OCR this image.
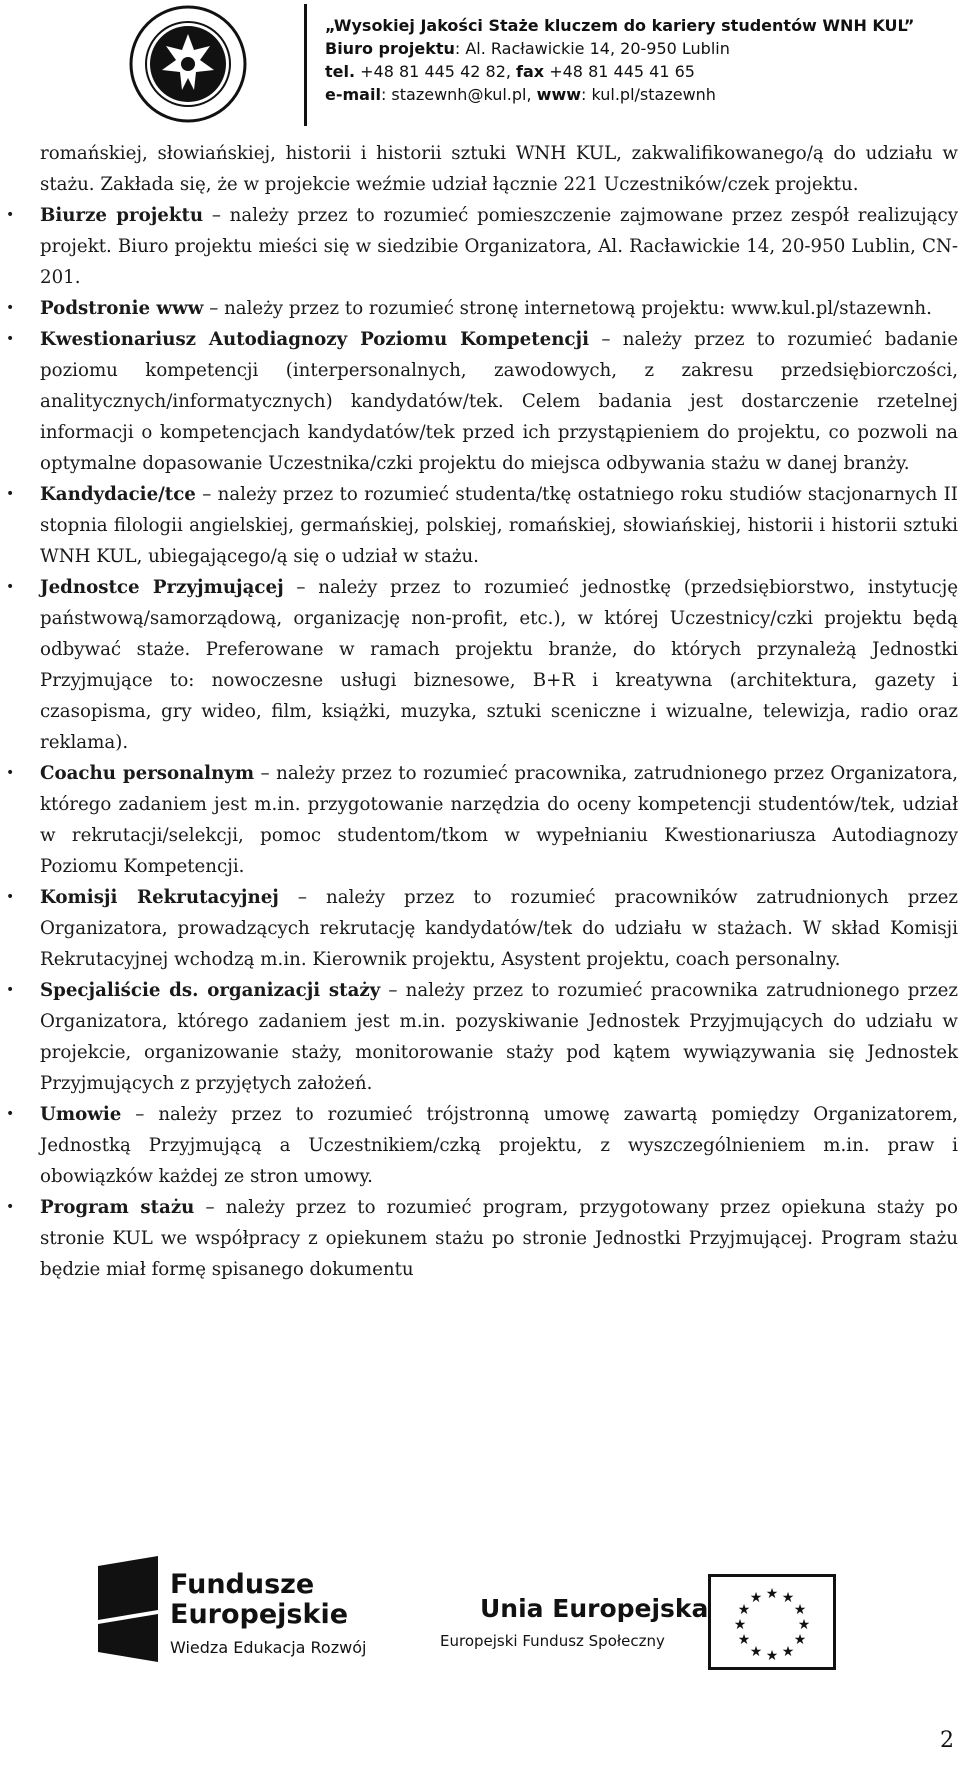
„Wysokiej Jakości Staże kluczem do kariery studentów WNH KUL”
Biuro projektu: Al. Racławickie 14, 20-950 Lublin
tel. +48 81 445 42 82, fax +48 81 445 41 65
e-mail: stazewnh@kul.pl, www: kul.pl/stazewnh

romańskiej, słowiańskiej, historii i historii sztuki WNH KUL, zakwalifikowanego/ą do udziału w stażu. Zakłada się, że w projekcie weźmie udział łącznie 221 Uczestników/czek projektu.

• Biurze projektu – należy przez to rozumieć pomieszczenie zajmowane przez zespół realizujący projekt. Biuro projektu mieści się w siedzibie Organizatora, Al. Racławickie 14, 20-950 Lublin, CN-201.
• Podstronie www – należy przez to rozumieć stronę internetową projektu: www.kul.pl/stazewnh.
• Kwestionariusz Autodiagnozy Poziomu Kompetencji – należy przez to rozumieć badanie poziomu kompetencji (interpersonalnych, zawodowych, z zakresu przedsiębiorczości, analitycznych/informatycznych) kandydatów/tek. Celem badania jest dostarczenie rzetelnej informacji o kompetencjach kandydatów/tek przed ich przystąpieniem do projektu, co pozwoli na optymalne dopasowanie Uczestnika/czki projektu do miejsca odbywania stażu w danej branży.
• Kandydacie/tce – należy przez to rozumieć studenta/tkę ostatniego roku studiów stacjonarnych II stopnia filologii angielskiej, germańskiej, polskiej, romańskiej, słowiańskiej, historii i historii sztuki WNH KUL, ubiegającego/ą się o udział w stażu.
• Jednostce Przyjmującej – należy przez to rozumieć jednostkę (przedsiębiorstwo, instytucję państwową/samorządową, organizację non-profit, etc.), w której Uczestnicy/czki projektu będą odbywać staże. Preferowane w ramach projektu branże, do których przynależą Jednostki Przyjmujące to: nowoczesne usługi biznesowe, B+R i kreatywna (architektura, gazety i czasopisma, gry wideo, film, książki, muzyka, sztuki sceniczne i wizualne, telewizja, radio oraz reklama).
• Coachu personalnym – należy przez to rozumieć pracownika, zatrudnionego przez Organizatora, którego zadaniem jest m.in. przygotowanie narzędzia do oceny kompetencji studentów/tek, udział w rekrutacji/selekcji, pomoc studentom/tkom w wypełnianiu Kwestionariusza Autodiagnozy Poziomu Kompetencji.
• Komisji Rekrutacyjnej – należy przez to rozumieć pracowników zatrudnionych przez Organizatora, prowadzących rekrutację kandydatów/tek do udziału w stażach. W skład Komisji Rekrutacyjnej wchodzą m.in. Kierownik projektu, Asystent projektu, coach personalny.
• Specjaliście ds. organizacji staży – należy przez to rozumieć pracownika zatrudnionego przez Organizatora, którego zadaniem jest m.in. pozyskiwanie Jednostek Przyjmujących do udziału w projekcie, organizowanie staży, monitorowanie staży pod kątem wywiązywania się Jednostek Przyjmujących z przyjętych założeń.
• Umowie – należy przez to rozumieć trójstronną umowę zawartą pomiędzy Organizatorem, Jednostką Przyjmującą a Uczestnikiem/czką projektu, z wyszczególnieniem m.in. praw i obowiązków każdej ze stron umowy.
• Program stażu – należy przez to rozumieć program, przygotowany przez opiekuna staży po stronie KUL we współpracy z opiekunem stażu po stronie Jednostki Przyjmującej. Program stażu będzie miał formę spisanego dokumentu
Fundusze
Europejskie
Wiedza Edukacja Rozwój
Unia Europejska
Europejski Fundusz Społeczny
★ ★
★
★
★
★
★
★
★
★
★
★
2
